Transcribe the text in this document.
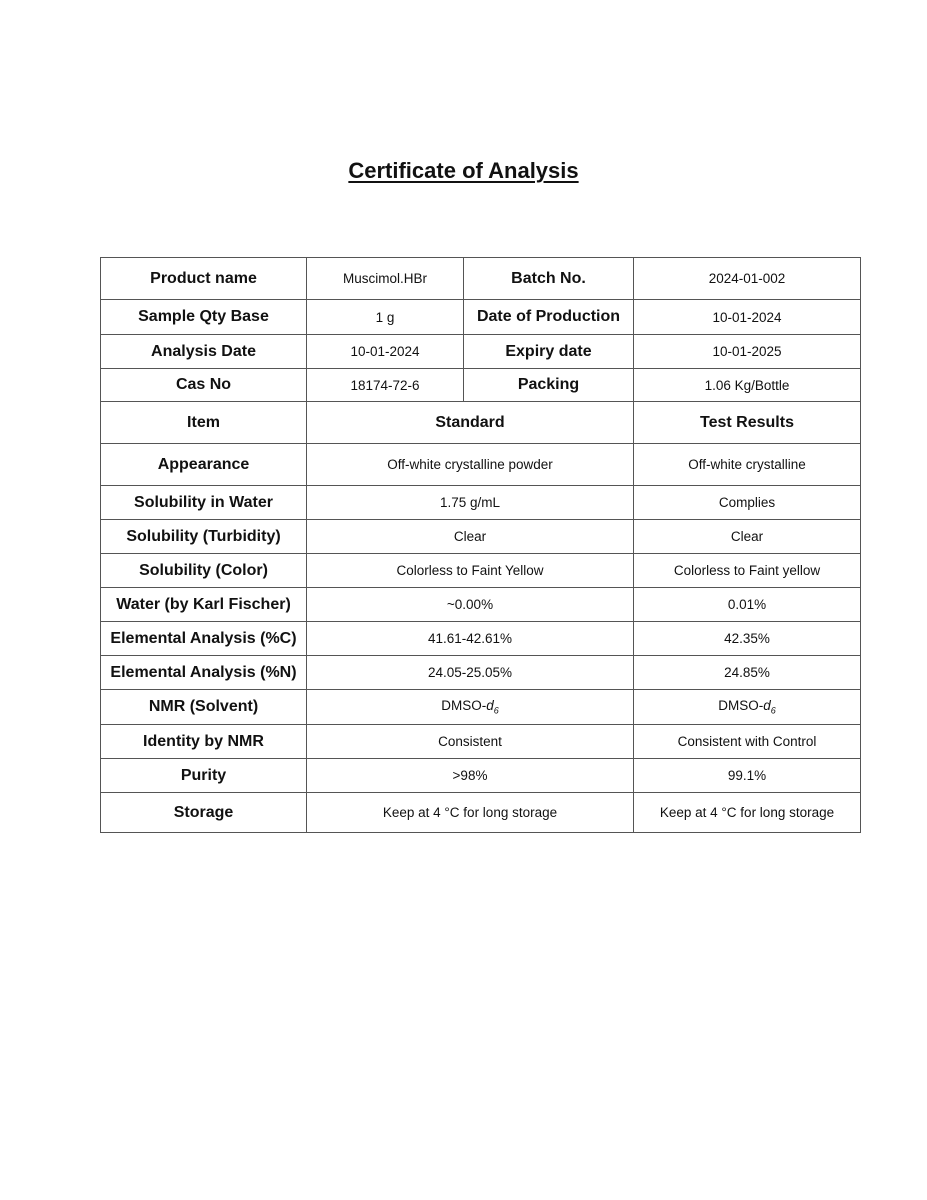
Certificate of Analysis
Product name	Muscimol.HBr	Batch No.	2024-01-002
Sample Qty Base	1 g	Date of Production	10-01-2024
Analysis Date	10-01-2024	Expiry date	10-01-2025
Cas No	18174-72-6	Packing	1.06 Kg/Bottle
Item	Standard		Test Results
Appearance	Off-white crystalline powder		Off-white crystalline
Solubility in Water	1.75 g/mL		Complies
Solubility (Turbidity)	Clear		Clear
Solubility (Color)	Colorless to Faint Yellow		Colorless to Faint yellow
Water (by Karl Fischer)	~0.00%		0.01%
Elemental Analysis (%C)	41.61-42.61%		42.35%
Elemental Analysis (%N)	24.05-25.05%		24.85%
NMR (Solvent)	DMSO-$d_6$		DMSO-$d_6$
Identity by NMR	Consistent		Consistent with Control
Purity	>98%		99.1%
Storage	Keep at 4 °C for long storage		Keep at 4 °C for long storage
